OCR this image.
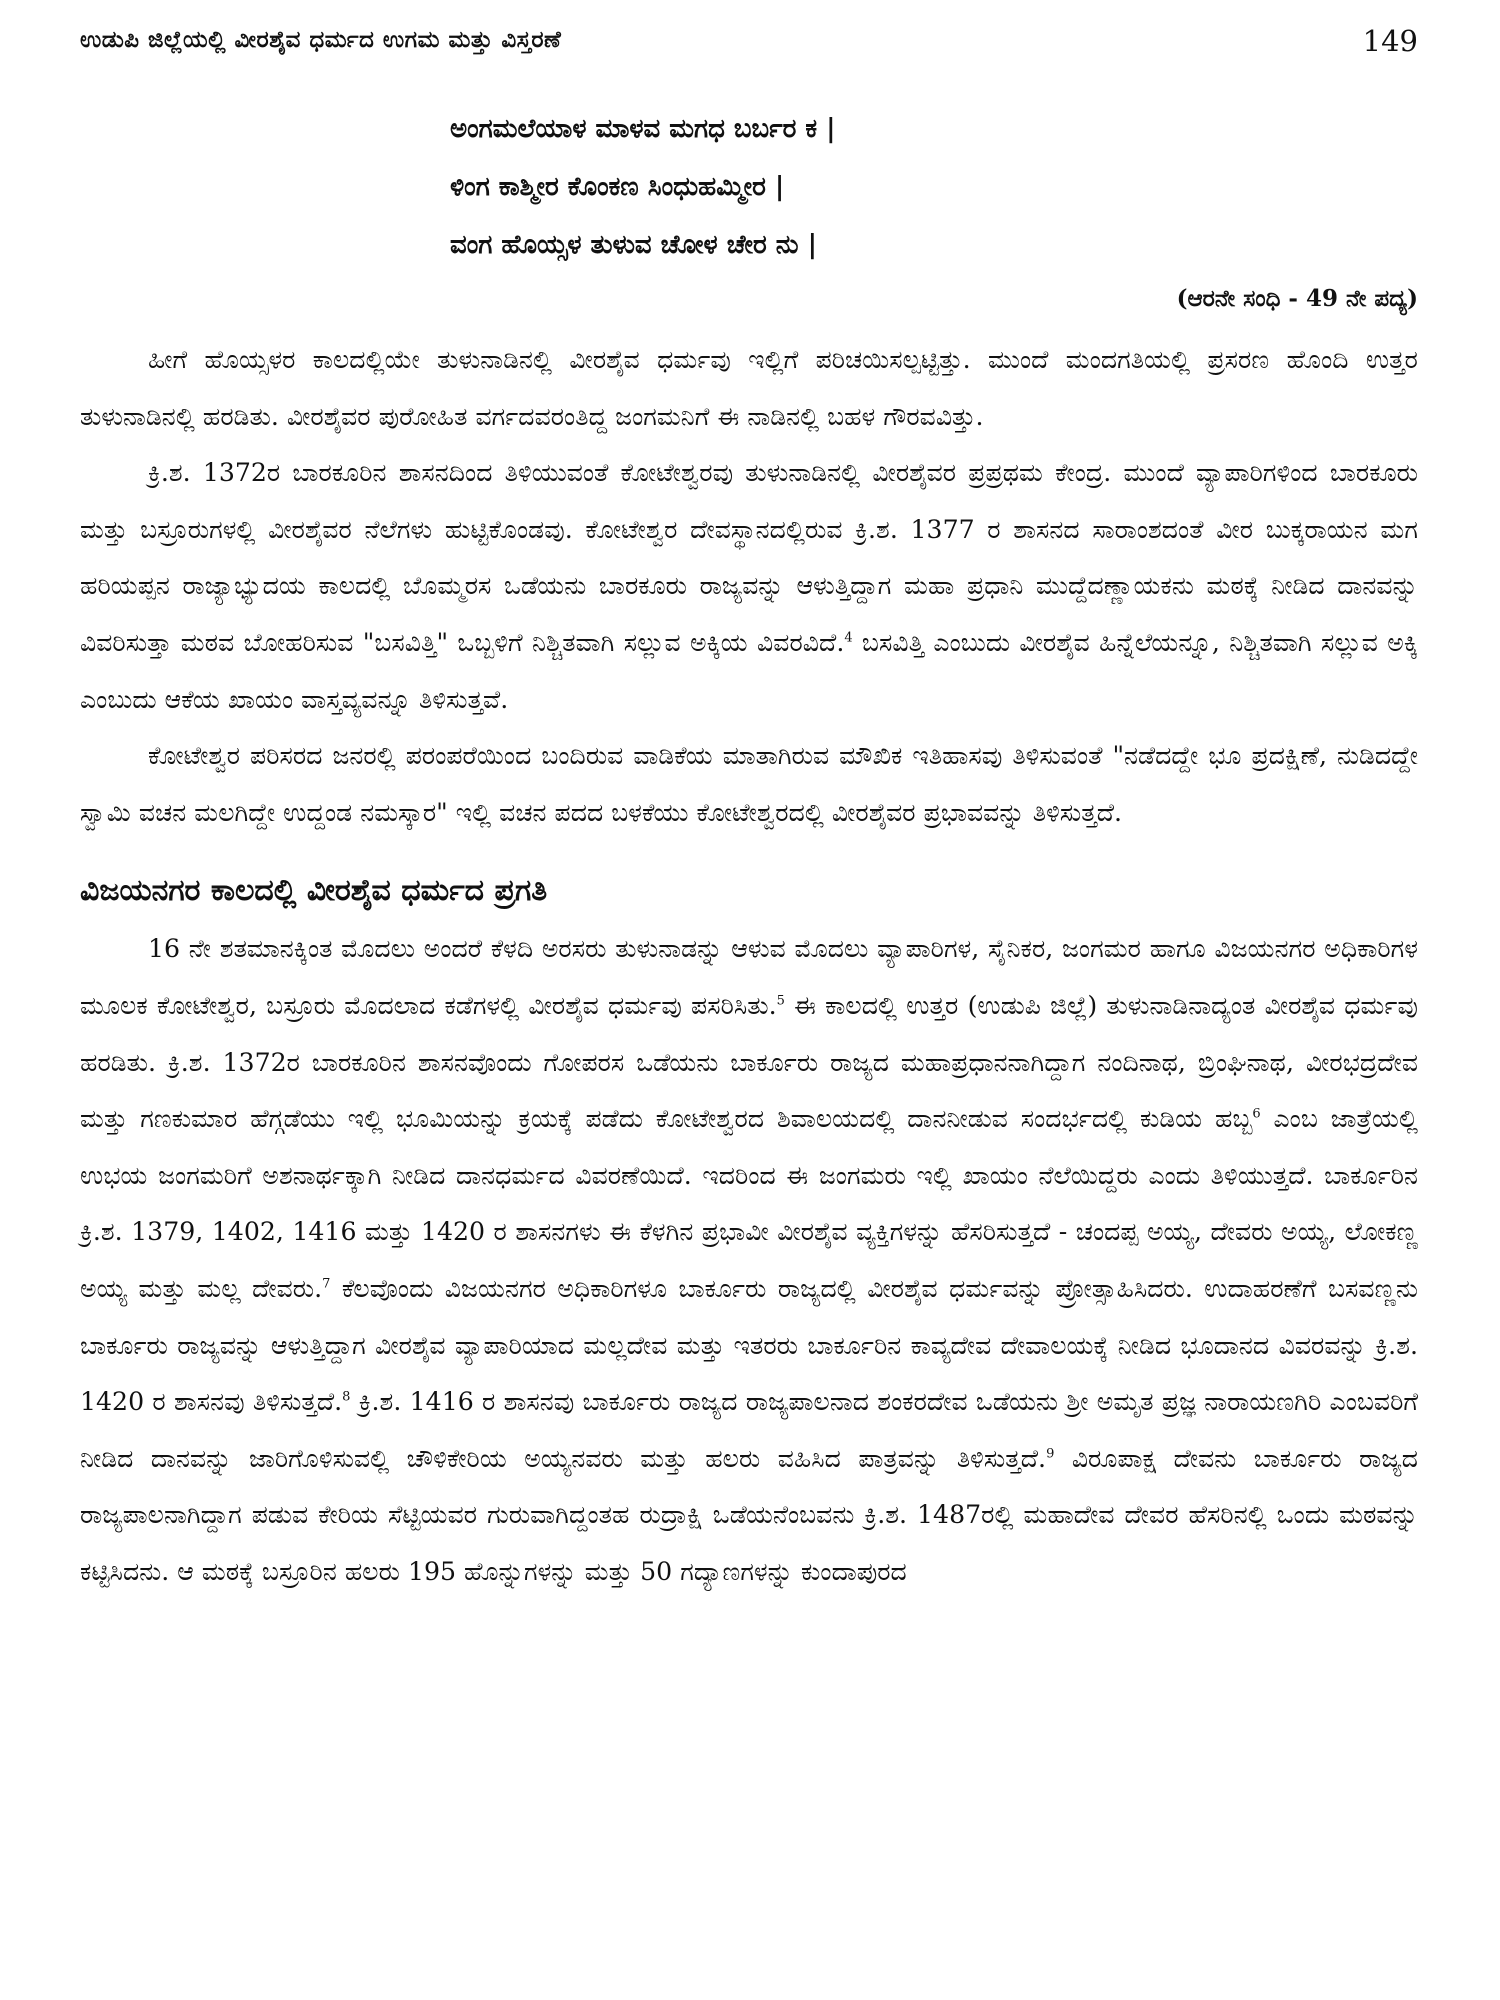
ಉಡುಪಿ ಜಿಲ್ಲೆಯಲ್ಲಿ ವೀರಶೈವ ಧರ್ಮದ ಉಗಮ ಮತ್ತು ವಿಸ್ತರಣೆ	149
ಅಂಗಮಲೆಯಾಳ ಮಾಳವ ಮಗಧ ಬರ್ಬರ ಕ |
ಳಿಂಗ ಕಾಶ್ಮೀರ ಕೊಂಕಣ ಸಿಂಧುಹಮ್ಮೀರ |
ವಂಗ ಹೊಯ್ಸಳ ತುಳುವ ಚೋಳ ಚೇರ ನು |
(ಆರನೇ ಸಂಧಿ - 49 ನೇ ಪದ್ಯ)

ಹೀಗೆ ಹೊಯ್ಸಳರ ಕಾಲದಲ್ಲಿಯೇ ತುಳುನಾಡಿನಲ್ಲಿ ವೀರಶೈವ ಧರ್ಮವು ಇಲ್ಲಿಗೆ ಪರಿಚಯಿಸಲ್ಪಟ್ಟಿತ್ತು. ಮುಂದೆ ಮಂದಗತಿಯಲ್ಲಿ ಪ್ರಸರಣ ಹೊಂದಿ ಉತ್ತರ ತುಳುನಾಡಿನಲ್ಲಿ ಹರಡಿತು. ವೀರಶೈವರ ಪುರೋಹಿತ ವರ್ಗದವರಂತಿದ್ದ ಜಂಗಮನಿಗೆ ಈ ನಾಡಿನಲ್ಲಿ ಬಹಳ ಗೌರವವಿತ್ತು.

ಕ್ರಿ.ಶ. 1372ರ ಬಾರಕೂರಿನ ಶಾಸನದಿಂದ ತಿಳಿಯುವಂತೆ ಕೋಟೇಶ್ವರವು ತುಳುನಾಡಿನಲ್ಲಿ ವೀರಶೈವರ ಪ್ರಪ್ರಥಮ ಕೇಂದ್ರ. ಮುಂದೆ ವ್ಯಾಪಾರಿಗಳಿಂದ ಬಾರಕೂರು ಮತ್ತು ಬಸ್ರೂರುಗಳಲ್ಲಿ ವೀರಶೈವರ ನೆಲೆಗಳು ಹುಟ್ಟಿಕೊಂಡವು. ಕೋಟೇಶ್ವರ ದೇವಸ್ಥಾನದಲ್ಲಿರುವ ಕ್ರಿ.ಶ. 1377 ರ ಶಾಸನದ ಸಾರಾಂಶದಂತೆ ವೀರ ಬುಕ್ಕರಾಯನ ಮಗ ಹರಿಯಪ್ಪನ ರಾಜ್ಯಾಭ್ಯುದಯ ಕಾಲದಲ್ಲಿ ಬೊಮ್ಮರಸ ಒಡೆಯನು ಬಾರಕೂರು ರಾಜ್ಯವನ್ನು ಆಳುತ್ತಿದ್ದಾಗ ಮಹಾ ಪ್ರಧಾನಿ ಮುದ್ದೆದಣ್ಣಾಯಕನು ಮಠಕ್ಕೆ ನೀಡಿದ ದಾನವನ್ನು ವಿವರಿಸುತ್ತಾ ಮಠವ ಬೋಹರಿಸುವ "ಬಸವಿತ್ತಿ" ಒಬ್ಬಳಿಗೆ ನಿಶ್ಚಿತವಾಗಿ ಸಲ್ಲುವ ಅಕ್ಕಿಯ ವಿವರವಿದೆ.$^4$ ಬಸವಿತ್ತಿ ಎಂಬುದು ವೀರಶೈವ ಹಿನ್ನೆಲೆಯನ್ನೂ, ನಿಶ್ಚಿತವಾಗಿ ಸಲ್ಲುವ ಅಕ್ಕಿ ಎಂಬುದು ಆಕೆಯ ಖಾಯಂ ವಾಸ್ತವ್ಯವನ್ನೂ ತಿಳಿಸುತ್ತವೆ.

ಕೋಟೇಶ್ವರ ಪರಿಸರದ ಜನರಲ್ಲಿ ಪರಂಪರೆಯಿಂದ ಬಂದಿರುವ ವಾಡಿಕೆಯ ಮಾತಾಗಿರುವ ಮೌಖಿಕ ಇತಿಹಾಸವು ತಿಳಿಸುವಂತೆ "ನಡೆದದ್ದೇ ಭೂ ಪ್ರದಕ್ಷಿಣೆ, ನುಡಿದದ್ದೇ ಸ್ವಾಮಿ ವಚನ ಮಲಗಿದ್ದೇ ಉದ್ದಂಡ ನಮಸ್ಕಾರ" ಇಲ್ಲಿ ವಚನ ಪದದ ಬಳಕೆಯು ಕೋಟೇಶ್ವರದಲ್ಲಿ ವೀರಶೈವರ ಪ್ರಭಾವವನ್ನು ತಿಳಿಸುತ್ತದೆ.

ವಿಜಯನಗರ ಕಾಲದಲ್ಲಿ ವೀರಶೈವ ಧರ್ಮದ ಪ್ರಗತಿ

16 ನೇ ಶತಮಾನಕ್ಕಿಂತ ಮೊದಲು ಅಂದರೆ ಕೆಳದಿ ಅರಸರು ತುಳುನಾಡನ್ನು ಆಳುವ ಮೊದಲು ವ್ಯಾಪಾರಿಗಳ, ಸೈನಿಕರ, ಜಂಗಮರ ಹಾಗೂ ವಿಜಯನಗರ ಅಧಿಕಾರಿಗಳ ಮೂಲಕ ಕೋಟೇಶ್ವರ, ಬಸ್ರೂರು ಮೊದಲಾದ ಕಡೆಗಳಲ್ಲಿ ವೀರಶೈವ ಧರ್ಮವು ಪಸರಿಸಿತು.$^5$ ಈ ಕಾಲದಲ್ಲಿ ಉತ್ತರ (ಉಡುಪಿ ಜಿಲ್ಲೆ) ತುಳುನಾಡಿನಾದ್ಯಂತ ವೀರಶೈವ ಧರ್ಮವು ಹರಡಿತು. ಕ್ರಿ.ಶ. 1372ರ ಬಾರಕೂರಿನ ಶಾಸನವೊಂದು ಗೋಪರಸ ಒಡೆಯನು ಬಾರ್ಕೂರು ರಾಜ್ಯದ ಮಹಾಪ್ರಧಾನನಾಗಿದ್ದಾಗ ನಂದಿನಾಥ, ಬ್ರಿಂಘಿನಾಥ, ವೀರಭದ್ರದೇವ ಮತ್ತು ಗಣಕುಮಾರ ಹೆಗ್ಗಡೆಯು ಇಲ್ಲಿ ಭೂಮಿಯನ್ನು ಕ್ರಯಕ್ಕೆ ಪಡೆದು ಕೋಟೇಶ್ವರದ ಶಿವಾಲಯದಲ್ಲಿ ದಾನನೀಡುವ ಸಂದರ್ಭದಲ್ಲಿ ಕುಡಿಯ ಹಬ್ಬ$^6$ ಎಂಬ ಜಾತ್ರೆಯಲ್ಲಿ ಉಭಯ ಜಂಗಮರಿಗೆ ಅಶನಾರ್ಥಕ್ಕಾಗಿ ನೀಡಿದ ದಾನಧರ್ಮದ ವಿವರಣೆಯಿದೆ. ಇದರಿಂದ ಈ ಜಂಗಮರು ಇಲ್ಲಿ ಖಾಯಂ ನೆಲೆಯಿದ್ದರು ಎಂದು ತಿಳಿಯುತ್ತದೆ. ಬಾರ್ಕೂರಿನ ಕ್ರಿ.ಶ. 1379, 1402, 1416 ಮತ್ತು 1420 ರ ಶಾಸನಗಳು ಈ ಕೆಳಗಿನ ಪ್ರಭಾವೀ ವೀರಶೈವ ವ್ಯಕ್ತಿಗಳನ್ನು ಹೆಸರಿಸುತ್ತದೆ - ಚಂದಪ್ಪ ಅಯ್ಯ, ದೇವರು ಅಯ್ಯ, ಲೋಕಣ್ಣ ಅಯ್ಯ ಮತ್ತು ಮಲ್ಲ ದೇವರು.$^7$ ಕೆಲವೊಂದು ವಿಜಯನಗರ ಅಧಿಕಾರಿಗಳೂ ಬಾರ್ಕೂರು ರಾಜ್ಯದಲ್ಲಿ ವೀರಶೈವ ಧರ್ಮವನ್ನು ಪ್ರೋತ್ಸಾಹಿಸಿದರು. ಉದಾಹರಣೆಗೆ ಬಸವಣ್ಣನು ಬಾರ್ಕೂರು ರಾಜ್ಯವನ್ನು ಆಳುತ್ತಿದ್ದಾಗ ವೀರಶೈವ ವ್ಯಾಪಾರಿಯಾದ ಮಲ್ಲದೇವ ಮತ್ತು ಇತರರು ಬಾರ್ಕೂರಿನ ಕಾವ್ಯದೇವ ದೇವಾಲಯಕ್ಕೆ ನೀಡಿದ ಭೂದಾನದ ವಿವರವನ್ನು ಕ್ರಿ.ಶ. 1420 ರ ಶಾಸನವು ತಿಳಿಸುತ್ತದೆ.$^8$ ಕ್ರಿ.ಶ. 1416 ರ ಶಾಸನವು ಬಾರ್ಕೂರು ರಾಜ್ಯದ ರಾಜ್ಯಪಾಲನಾದ ಶಂಕರದೇವ ಒಡೆಯನು ಶ್ರೀ ಅಮೃತ ಪ್ರಜ್ಞ ನಾರಾಯಣಗಿರಿ ಎಂಬವರಿಗೆ ನೀಡಿದ ದಾನವನ್ನು ಜಾರಿಗೊಳಿಸುವಲ್ಲಿ ಚೌಳಿಕೇರಿಯ ಅಯ್ಯನವರು ಮತ್ತು ಹಲರು ವಹಿಸಿದ ಪಾತ್ರವನ್ನು ತಿಳಿಸುತ್ತದೆ.$^9$ ವಿರೂಪಾಕ್ಷ ದೇವನು ಬಾರ್ಕೂರು ರಾಜ್ಯದ ರಾಜ್ಯಪಾಲನಾಗಿದ್ದಾಗ ಪಡುವ ಕೇರಿಯ ಸೆಟ್ಟಿಯವರ ಗುರುವಾಗಿದ್ದಂತಹ ರುದ್ರಾಕ್ಷಿ ಒಡೆಯನೆಂಬವನು ಕ್ರಿ.ಶ. 1487ರಲ್ಲಿ ಮಹಾದೇವ ದೇವರ ಹೆಸರಿನಲ್ಲಿ ಒಂದು ಮಠವನ್ನು ಕಟ್ಟಿಸಿದನು. ಆ ಮಠಕ್ಕೆ ಬಸ್ರೂರಿನ ಹಲರು 195 ಹೊನ್ನುಗಳನ್ನು ಮತ್ತು 50 ಗದ್ಯಾಣಗಳನ್ನು ಕುಂದಾಪುರದ
